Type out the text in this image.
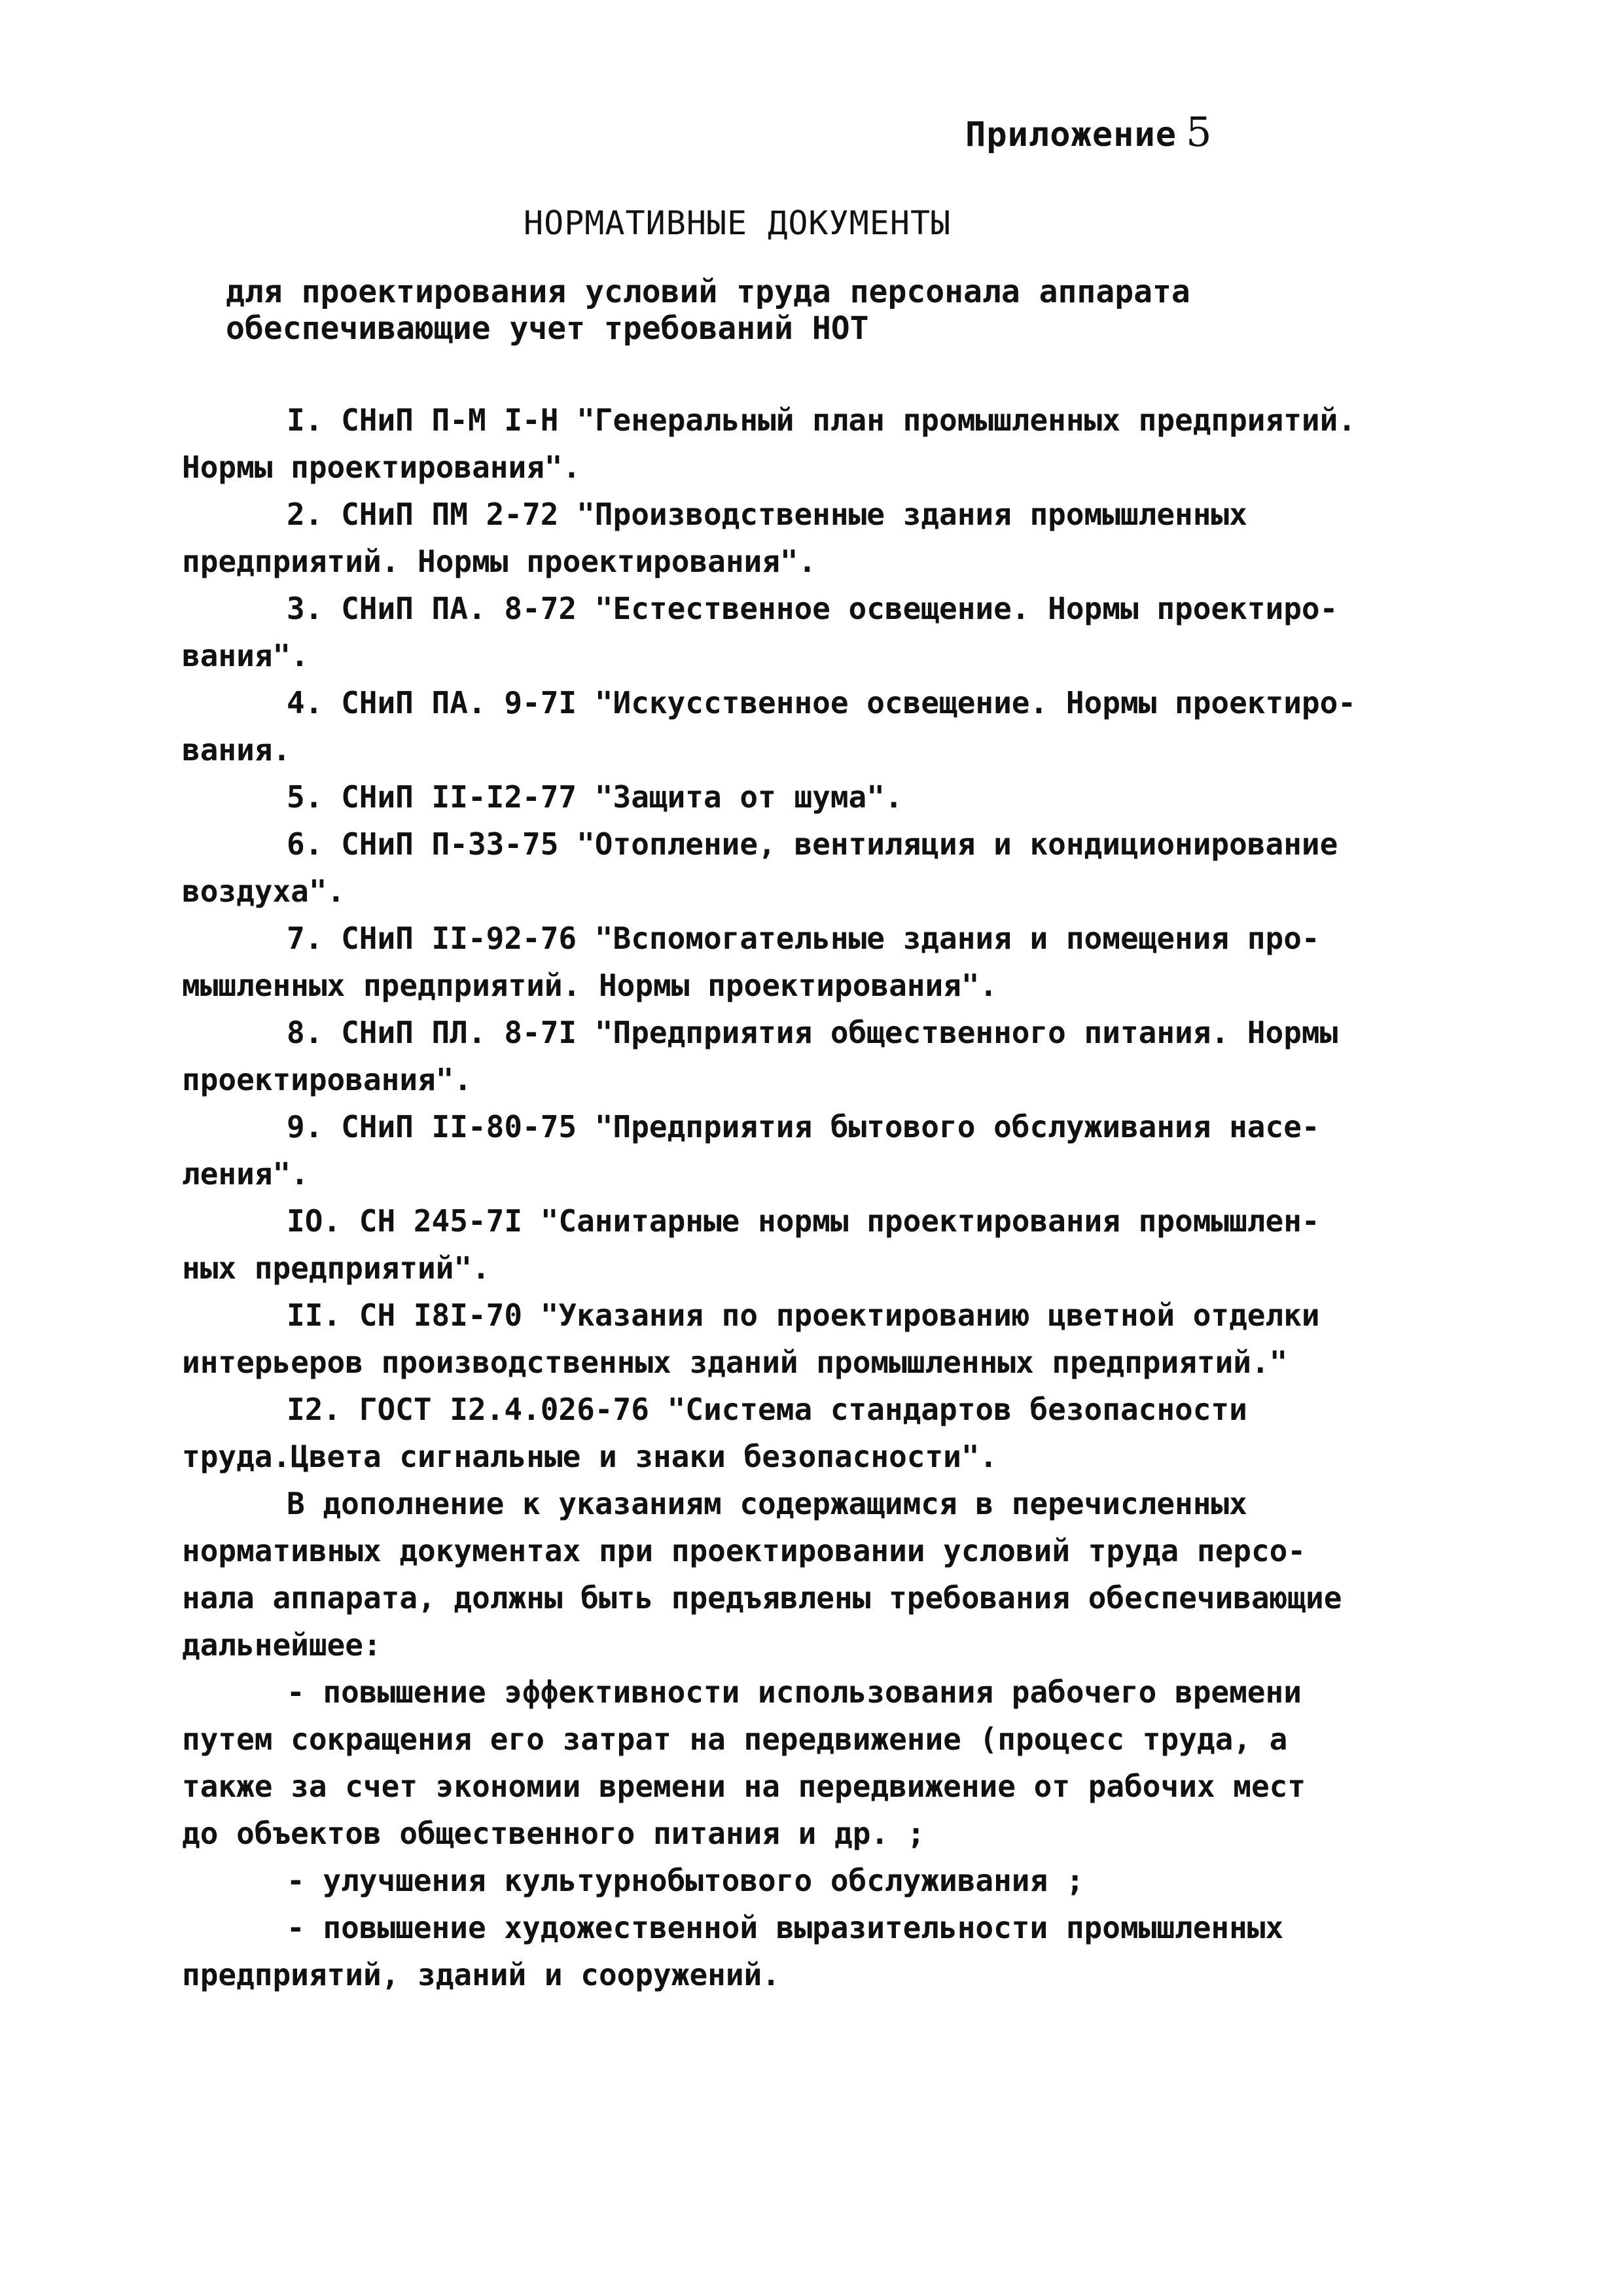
Приложение 5
НОРМАТИВНЫЕ ДОКУМЕНТЫ
для проектирования условий труда персонала аппарата
обеспечивающие учет требований НОТ
I. СНиП П-М I-Н "Генеральный план промышленных предприятий.
Нормы проектирования".
2. СНиП ПМ 2-72 "Производственные здания промышленных
предприятий. Нормы проектирования".
3. СНиП ПА. 8-72 "Естественное освещение. Нормы проектиро-
вания".
4. СНиП ПА. 9-7I "Искусственное освещение. Нормы проектиро-
вания.
5. СНиП II-I2-77 "Защита от шума".
6. СНиП П-33-75 "Отопление, вентиляция и кондиционирование
воздуха".
7. СНиП II-92-76 "Вспомогательные здания и помещения про-
мышленных предприятий. Нормы проектирования".
8. СНиП ПЛ. 8-7I "Предприятия общественного питания. Нормы
проектирования".
9. СНиП II-80-75 "Предприятия бытового обслуживания насе-
ления".
IO. СН 245-7I "Санитарные нормы проектирования промышлен-
ных предприятий".
II. СН I8I-70 "Указания по проектированию цветной отделки
интерьеров производственных зданий промышленных предприятий."
I2. ГОСТ I2.4.026-76 "Система стандартов безопасности
труда.Цвета сигнальные и знаки безопасности".
В дополнение к указаниям содержащимся в перечисленных
нормативных документах при проектировании условий труда персо-
нала аппарата, должны быть предъявлены требования обеспечивающие
дальнейшее:
- повышение эффективности использования рабочего времени
путем сокращения его затрат на передвижение (процесс труда, а
также за счет экономии времени на передвижение от рабочих мест
до объектов общественного питания и др. ;
- улучшения культурнобытового обслуживания ;
- повышение художественной выразительности промышленных
предприятий, зданий и сооружений.
